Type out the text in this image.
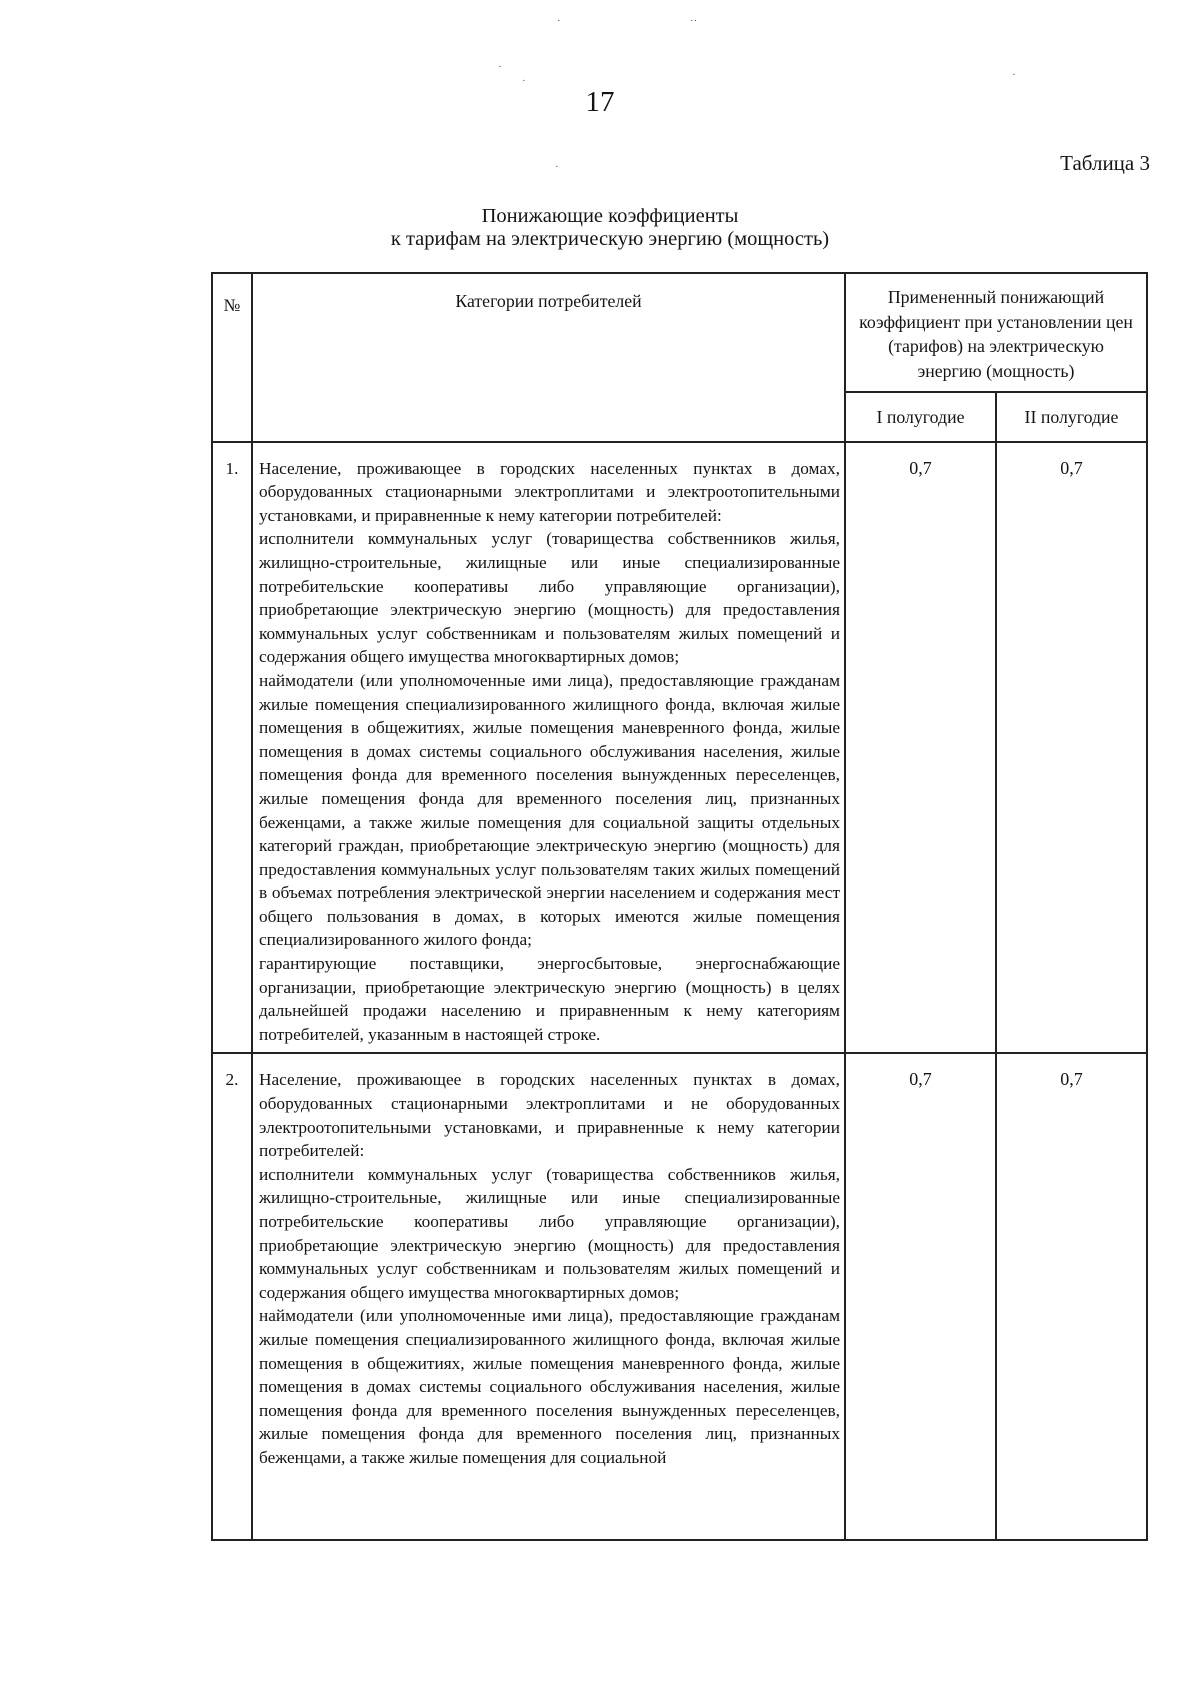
·	··
·
·	·
·
17
Таблица 3
Понижающие коэффициенты
к тарифам на электрическую энергию (мощность)
№	Категории потребителей	Примененный понижающий коэффициент при установлении цен (тарифов) на электрическую энергию (мощность)	
		I полугодие	II полугодие
1.	Население, проживающее в городских населенных пунктах в домах, оборудованных стационарными электроплитами и электроотопительными установками, и приравненные к нему категории потребителей:

исполнители коммунальных услуг (товарищества собственников жилья, жилищно-строительные, жилищные или иные специализированные потребительские кооперативы либо управляющие организации), приобретающие электрическую энергию (мощность) для предоставления коммунальных услуг собственникам и пользователям жилых помещений и содержания общего имущества многоквартирных домов;

наймодатели (или уполномоченные ими лица), предоставляющие гражданам жилые помещения специализированного жилищного фонда, включая жилые помещения в общежитиях, жилые помещения маневренного фонда, жилые помещения в домах системы социального обслуживания населения, жилые помещения фонда для временного поселения вынужденных переселенцев, жилые помещения фонда для временного поселения лиц, признанных беженцами, а также жилые помещения для социальной защиты отдельных категорий граждан, приобретающие электрическую энергию (мощность) для предоставления коммунальных услуг пользователям таких жилых помещений в объемах потребления электрической энергии населением и содержания мест общего пользования в домах, в которых имеются жилые помещения специализированного жилого фонда;

гарантирующие поставщики, энергосбытовые, энергоснабжающие организации, приобретающие электрическую энергию (мощность) в целях дальнейшей продажи населению и приравненным к нему категориям потребителей, указанным в настоящей строке.	0,7	0,7
2.	Население, проживающее в городских населенных пунктах в домах, оборудованных стационарными электроплитами и не оборудованных электроотопительными установками, и приравненные к нему категории потребителей:

исполнители коммунальных услуг (товарищества собственников жилья, жилищно-строительные, жилищные или иные специализированные потребительские кооперативы либо управляющие организации), приобретающие электрическую энергию (мощность) для предоставления коммунальных услуг собственникам и пользователям жилых помещений и содержания общего имущества многоквартирных домов;

наймодатели (или уполномоченные ими лица), предоставляющие гражданам жилые помещения специализированного жилищного фонда, включая жилые помещения в общежитиях, жилые помещения маневренного фонда, жилые помещения в домах системы социального обслуживания населения, жилые помещения фонда для временного поселения вынужденных переселенцев, жилые помещения фонда для временного поселения лиц, признанных беженцами, а также жилые помещения для социальной	0,7	0,7
